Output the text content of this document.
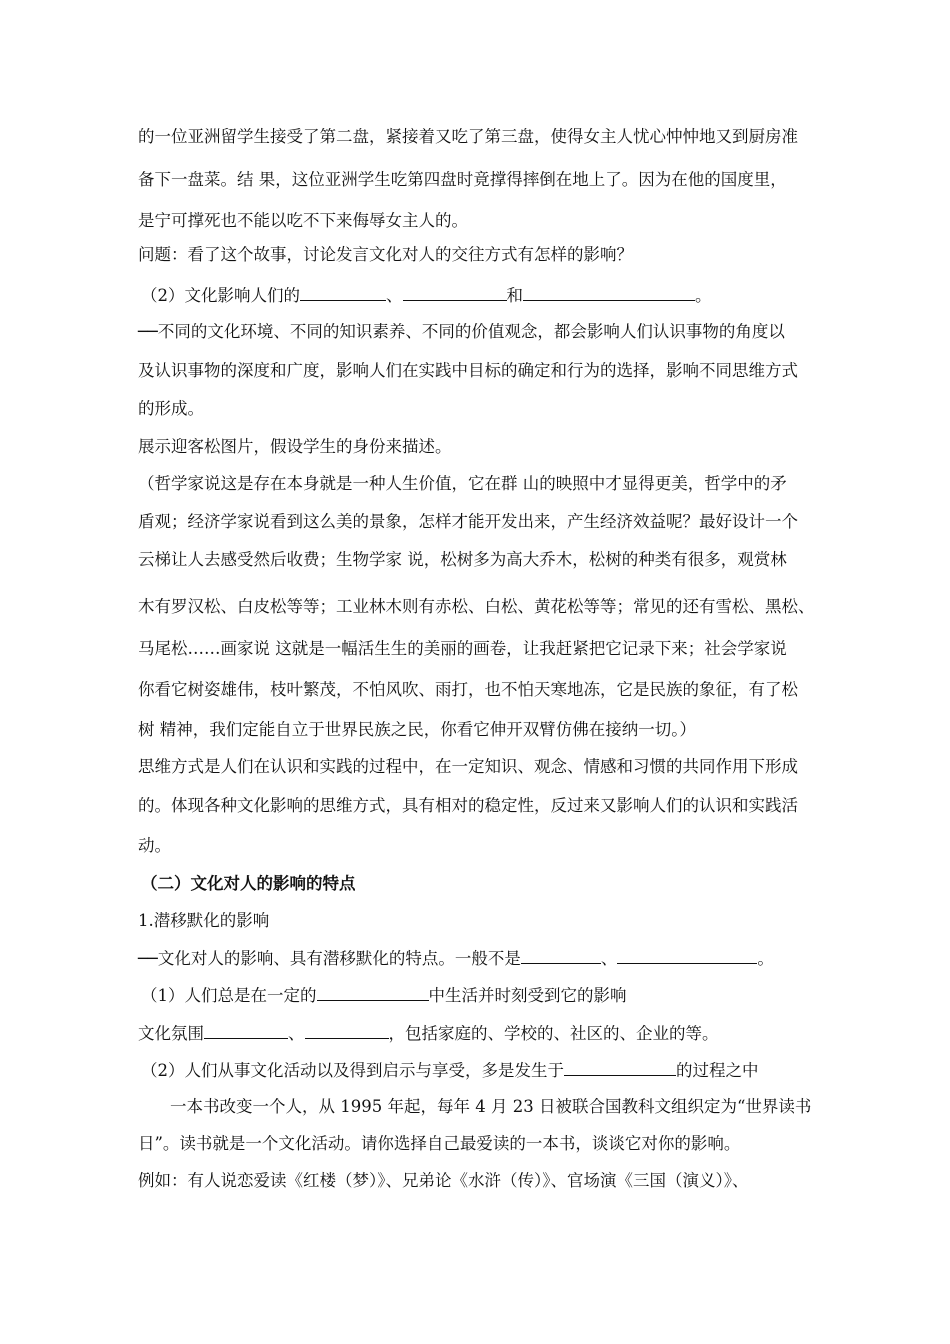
的一位亚洲留学生接受了第二盘，紧接着又吃了第三盘，使得女主人忧心忡忡地又到厨房准
备下一盘菜。结 果，这位亚洲学生吃第四盘时竟撑得摔倒在地上了。因为在他的国度里，
是宁可撑死也不能以吃不下来侮辱女主人的。
问题：看了这个故事，讨论发言文化对人的交往方式有怎样的影响？
（2）文化影响人们的	、	和	。
──不同的文化环境、不同的知识素养、不同的价值观念，都会影响人们认识事物的角度以
及认识事物的深度和广度，影响人们在实践中目标的确定和行为的选择，影响不同思维方式
的形成。
展示迎客松图片，假设学生的身份来描述。
（哲学家说这是存在本身就是一种人生价值，它在群 山的映照中才显得更美，哲学中的矛
盾观；经济学家说看到这么美的景象，怎样才能开发出来，产生经济效益呢？最好设计一个
云梯让人去感受然后收费；生物学家 说，松树多为高大乔木，松树的种类有很多，观赏林
木有罗汉松、白皮松等等；工业林木则有赤松、白松、黄花松等等；常见的还有雪松、黑松、
马尾松……画家说 这就是一幅活生生的美丽的画卷，让我赶紧把它记录下来；社会学家说
你看它树姿雄伟，枝叶繁茂，不怕风吹、雨打，也不怕天寒地冻，它是民族的象征，有了松
树 精神，我们定能自立于世界民族之民，你看它伸开双臂仿佛在接纳一切。）
思维方式是人们在认识和实践的过程中，在一定知识、观念、情感和习惯的共同作用下形成
的。体现各种文化影响的思维方式，具有相对的稳定性，反过来又影响人们的认识和实践活
动。
（二）文化对人的影响的特点
1.潜移默化的影响
──文化对人的影响、具有潜移默化的特点。一般不是	、	。
（1）人们总是在一定的	中生活并时刻受到它的影响
文化氛围	、	，包括家庭的、学校的、社区的、企业的等。
（2）人们从事文化活动以及得到启示与享受，多是发生于	的过程之中
一本书改变一个人，从 1995 年起，每年 4 月 23 日被联合国教科文组织定为“世界读书
日”。读书就是一个文化活动。请你选择自己最爱读的一本书，谈谈它对你的影响。
例如：有人说恋爱读《红楼（梦）》、兄弟论《水浒（传）》、官场演《三国（演义）》、
